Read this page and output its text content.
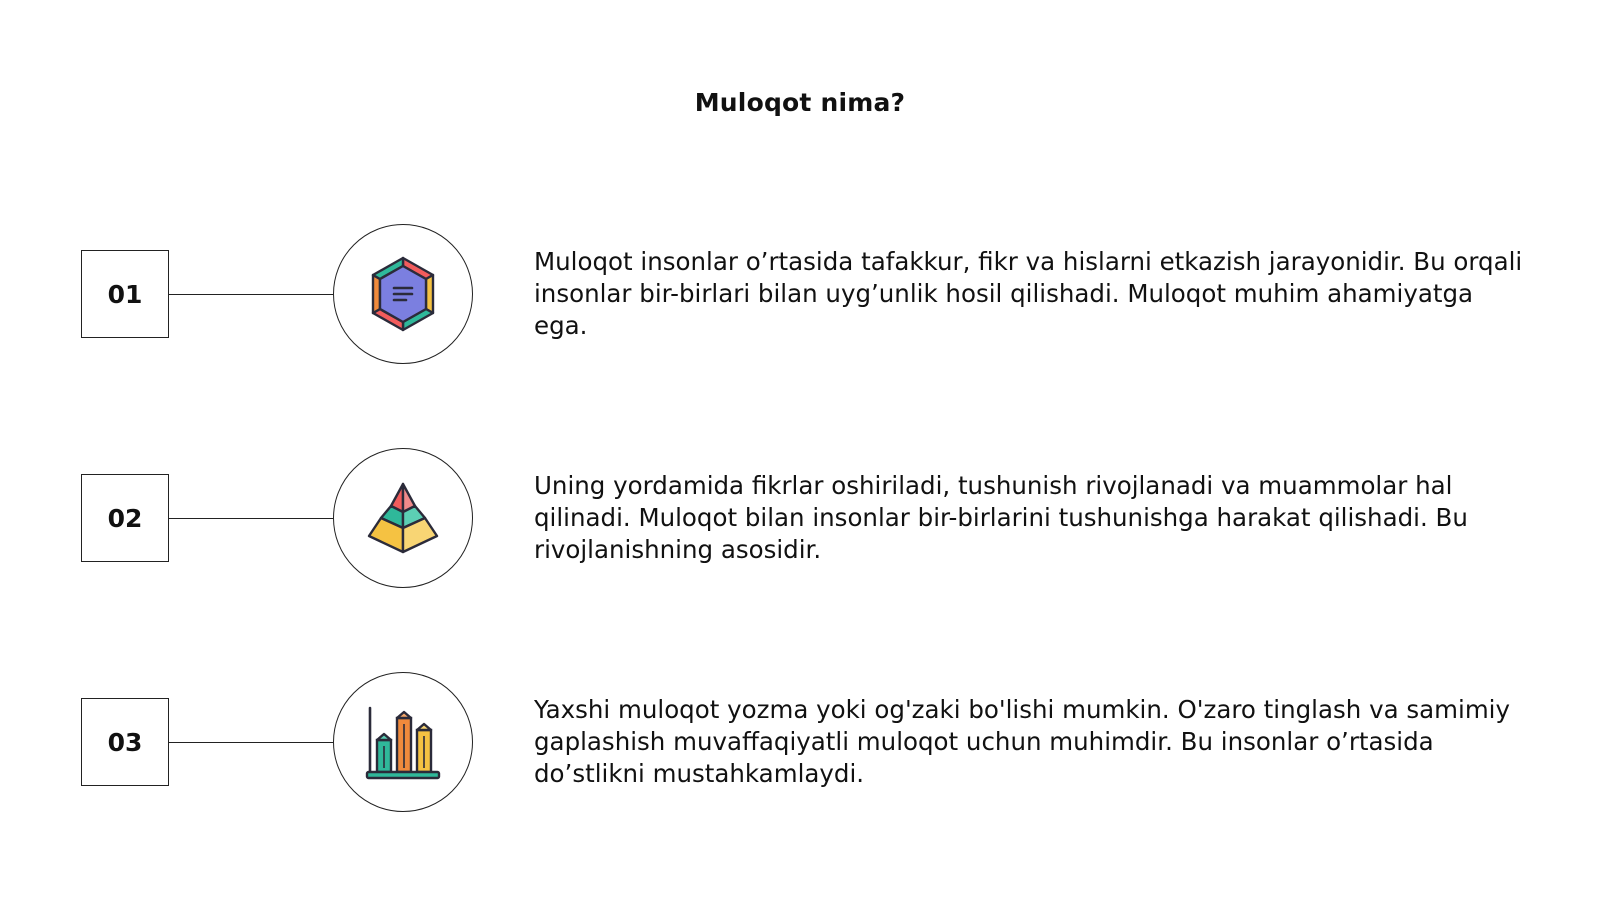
Muloqot nima?
01
Muloqot insonlar o’rtasida tafakkur, fikr va hislarni etkazish jarayonidir. Bu orqali insonlar bir-birlari bilan uyg’unlik hosil qilishadi. Muloqot muhim ahamiyatga ega.
02
Uning yordamida fikrlar oshiriladi, tushunish rivojlanadi va muammolar hal qilinadi. Muloqot bilan insonlar bir-birlarini tushunishga harakat qilishadi. Bu rivojlanishning asosidir.
03
Yaxshi muloqot yozma yoki og'zaki bo'lishi mumkin. O'zaro tinglash va samimiy gaplashish muvaffaqiyatli muloqot uchun muhimdir. Bu insonlar o’rtasida do’stlikni mustahkamlaydi.
